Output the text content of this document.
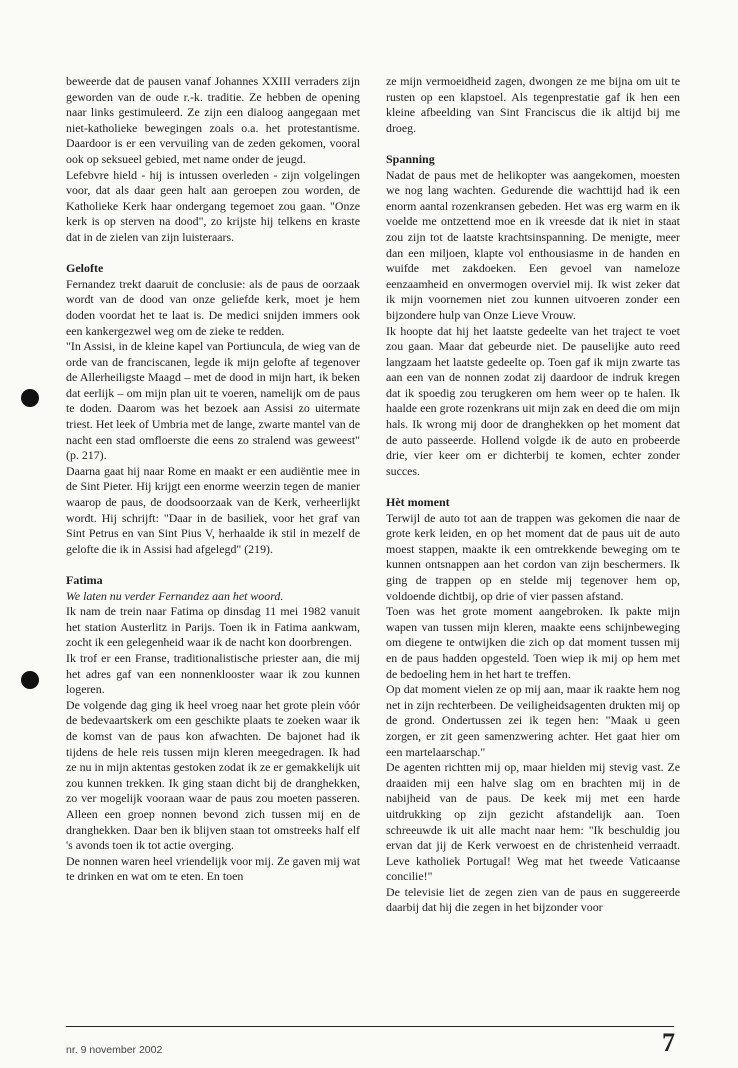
beweerde dat de pausen vanaf Johannes XXIII verraders zijn geworden van de oude r.-k. traditie. Ze hebben de opening naar links gestimuleerd. Ze zijn een dialoog aangegaan met niet-katholieke bewegingen zoals o.a. het protestantisme. Daardoor is er een vervuiling van de zeden gekomen, vooral ook op seksueel gebied, met name onder de jeugd.

Lefebvre hield - hij is intussen overleden - zijn volgelingen voor, dat als daar geen halt aan geroepen zou worden, de Katholieke Kerk haar ondergang tegemoet zou gaan. "Onze kerk is op sterven na dood", zo krijste hij telkens en kraste dat in de zielen van zijn luisteraars.

Gelofte

Fernandez trekt daaruit de conclusie: als de paus de oorzaak wordt van de dood van onze geliefde kerk, moet je hem doden voordat het te laat is. De medici snijden immers ook een kankergezwel weg om de zieke te redden.

"In Assisi, in de kleine kapel van Portiuncula, de wieg van de orde van de franciscanen, legde ik mijn gelofte af tegenover de Allerheiligste Maagd – met de dood in mijn hart, ik beken dat eerlijk – om mijn plan uit te voeren, namelijk om de paus te doden. Daarom was het bezoek aan Assisi zo uitermate triest. Het leek of Umbria met de lange, zwarte mantel van de nacht een stad omfloerste die eens zo stralend was geweest" (p. 217).

Daarna gaat hij naar Rome en maakt er een audiëntie mee in de Sint Pieter. Hij krijgt een enorme weerzin tegen de manier waarop de paus, de doodsoorzaak van de Kerk, verheerlijkt wordt. Hij schrijft: "Daar in de basiliek, voor het graf van Sint Petrus en van Sint Pius V, herhaalde ik stil in mezelf de gelofte die ik in Assisi had afgelegd" (219).

Fatima

We laten nu verder Fernandez aan het woord.

Ik nam de trein naar Fatima op dinsdag 11 mei 1982 vanuit het station Austerlitz in Parijs. Toen ik in Fatima aankwam, zocht ik een gelegenheid waar ik de nacht kon doorbrengen.

Ik trof er een Franse, traditionalistische priester aan, die mij het adres gaf van een nonnenklooster waar ik zou kunnen logeren.

De volgende dag ging ik heel vroeg naar het grote plein vóór de bedevaartskerk om een geschikte plaats te zoeken waar ik de komst van de paus kon afwachten. De bajonet had ik tijdens de hele reis tussen mijn kleren meegedragen. Ik had ze nu in mijn aktentas gestoken zodat ik ze er gemakkelijk uit zou kunnen trekken. Ik ging staan dicht bij de dranghekken, zo ver mogelijk vooraan waar de paus zou moeten passeren. Alleen een groep nonnen bevond zich tussen mij en de dranghekken. Daar ben ik blijven staan tot omstreeks half elf 's avonds toen ik tot actie overging.

De nonnen waren heel vriendelijk voor mij. Ze gaven mij wat te drinken en wat om te eten. En toen

ze mijn vermoeidheid zagen, dwongen ze me bijna om uit te rusten op een klapstoel. Als tegenprestatie gaf ik hen een kleine afbeelding van Sint Franciscus die ik altijd bij me droeg.

Spanning

Nadat de paus met de helikopter was aangekomen, moesten we nog lang wachten. Gedurende die wachttijd had ik een enorm aantal rozenkransen gebeden. Het was erg warm en ik voelde me ontzettend moe en ik vreesde dat ik niet in staat zou zijn tot de laatste krachtsinspanning. De menigte, meer dan een miljoen, klapte vol enthousiasme in de handen en wuifde met zakdoeken. Een gevoel van nameloze eenzaamheid en onvermogen overviel mij. Ik wist zeker dat ik mijn voornemen niet zou kunnen uitvoeren zonder een bijzondere hulp van Onze Lieve Vrouw.

Ik hoopte dat hij het laatste gedeelte van het traject te voet zou gaan. Maar dat gebeurde niet. De pauselijke auto reed langzaam het laatste gedeelte op. Toen gaf ik mijn zwarte tas aan een van de nonnen zodat zij daardoor de indruk kregen dat ik spoedig zou terugkeren om hem weer op te halen. Ik haalde een grote rozenkrans uit mijn zak en deed die om mijn hals. Ik wrong mij door de dranghekken op het moment dat de auto passeerde. Hollend volgde ik de auto en probeerde drie, vier keer om er dichterbij te komen, echter zonder succes.

Hèt moment

Terwijl de auto tot aan de trappen was gekomen die naar de grote kerk leiden, en op het moment dat de paus uit de auto moest stappen, maakte ik een omtrekkende beweging om te kunnen ontsnappen aan het cordon van zijn beschermers. Ik ging de trappen op en stelde mij tegenover hem op, voldoende dichtbij, op drie of vier passen afstand.

Toen was het grote moment aangebroken. Ik pakte mijn wapen van tussen mijn kleren, maakte eens schijnbeweging om diegene te ontwijken die zich op dat moment tussen mij en de paus hadden opgesteld. Toen wiep ik mij op hem met de bedoeling hem in het hart te treffen.

Op dat moment vielen ze op mij aan, maar ik raakte hem nog net in zijn rechterbeen. De veiligheidsagenten drukten mij op de grond. Ondertussen zei ik tegen hen: "Maak u geen zorgen, er zit geen samenzwering achter. Het gaat hier om een martelaarschap."

De agenten richtten mij op, maar hielden mij stevig vast. Ze draaiden mij een halve slag om en brachten mij in de nabijheid van de paus. De keek mij met een harde uitdrukking op zijn gezicht afstandelijk aan. Toen schreeuwde ik uit alle macht naar hem: "Ik beschuldig jou ervan dat jij de Kerk verwoest en de christenheid verraadt. Leve katholiek Portugal! Weg mat het tweede Vaticaanse concilie!"

De televisie liet de zegen zien van de paus en suggereerde daarbij dat hij die zegen in het bijzonder voor

nr. 9 november 2002	7
